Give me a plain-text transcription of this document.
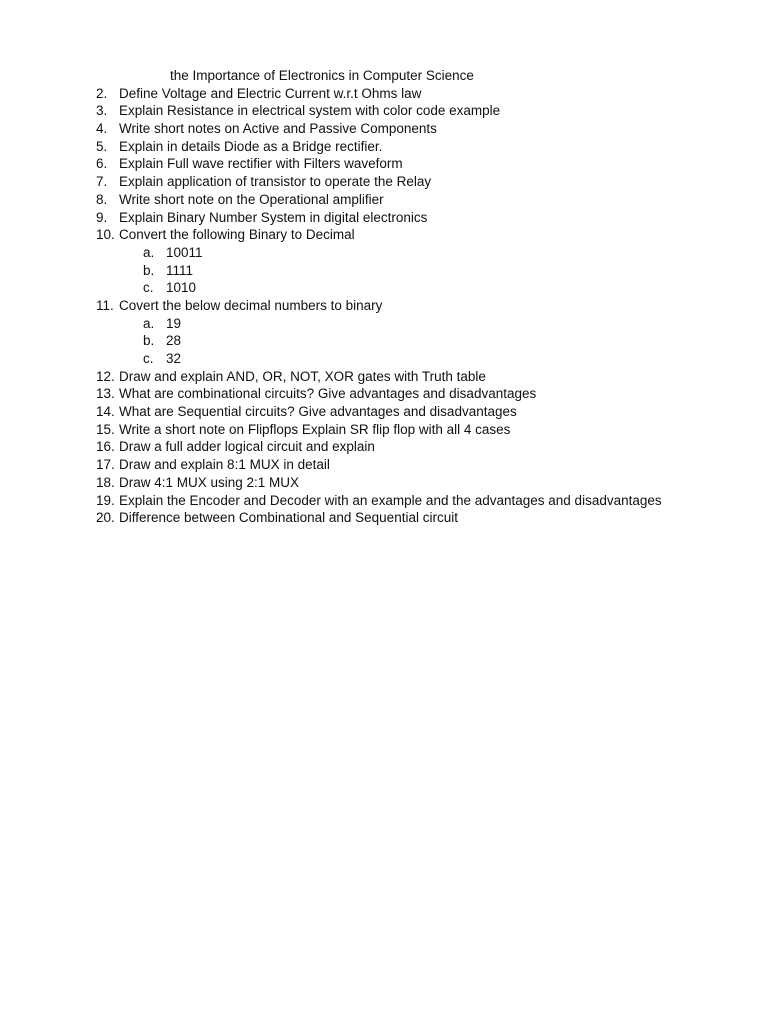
the Importance of Electronics in Computer Science
2. Define Voltage and Electric Current w.r.t Ohms law
3. Explain Resistance in electrical system with color code example
4. Write short notes on Active and Passive Components
5. Explain in details Diode as a Bridge rectifier.
6. Explain Full wave rectifier with Filters waveform
7. Explain application of transistor to operate the Relay
8. Write short note on the Operational amplifier
9. Explain Binary Number System in digital electronics
10. Convert the following Binary to Decimal
a. 10011
b. 1111
c. 1010
11. Covert the below decimal numbers to binary
a. 19
b. 28
c. 32
12. Draw and explain AND, OR, NOT, XOR gates with Truth table
13. What are combinational circuits? Give advantages and disadvantages
14. What are Sequential circuits? Give advantages and disadvantages
15. Write a short note on Flipflops Explain SR flip flop with all 4 cases
16. Draw a full adder logical circuit and explain
17. Draw and explain 8:1 MUX in detail
18. Draw 4:1 MUX using 2:1 MUX
19. Explain the Encoder and Decoder with an example and the advantages and disadvantages
20. Difference between Combinational and Sequential circuit
